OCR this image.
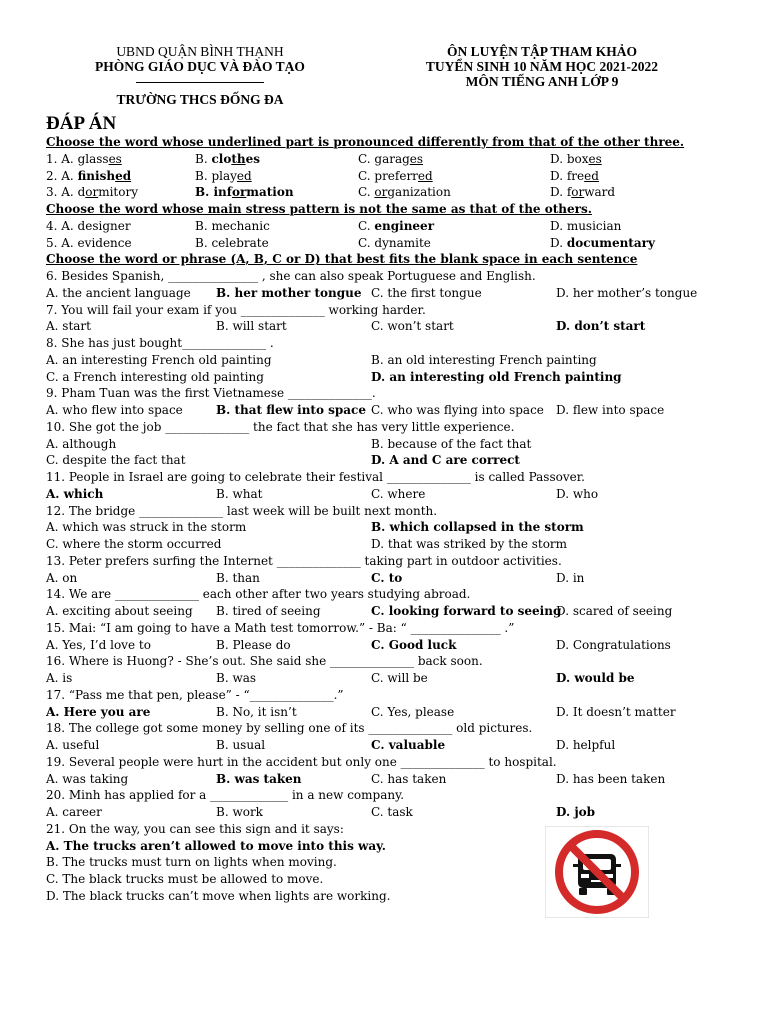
UBND QUẬN BÌNH THẠNH
PHÒNG GIÁO DỤC VÀ ĐÀO TẠO
TRƯỜNG THCS ĐỐNG ĐA
ÔN LUYỆN TẬP THAM KHẢO
TUYỂN SINH 10 NĂM HỌC 2021-2022
MÔN TIẾNG ANH LỚP 9
ĐÁP ÁN
Choose the word whose underlined part is pronounced differently from that of the other three.
1. A. glasses	B. clothes	C. garages	D. boxes
2. A. finished	B. played	C. preferred	D. freed
3. A. dormitory	B. information	C. organization	D. forward
Choose the word whose main stress pattern is not the same as that of the others.
4. A. designer	B. mechanic	C. engineer	D. musician
5. A. evidence	B. celebrate	C. dynamite	D. documentary
Choose the word or phrase (A, B, C or D) that best fits the blank space in each sentence
6. Besides Spanish, _______________ , she can also speak Portuguese and English.
A. the ancient language B. her mother tongue C. the first tongue	D. her mother’s tongue
7. You will fail your exam if you ______________ working harder.
A. start	B. will start	C. won’t start	D. don’t start
8. She has just bought______________ .
A. an interesting French old painting	B. an old interesting French painting
C. a French interesting old painting	D. an interesting old French painting
9. Pham Tuan was the first Vietnamese ______________.
A. who flew into space	B. that flew into space C. who was flying into space D. flew into space
10. She got the job ______________ the fact that she has very little experience.
A. although	B. because of the fact that
C. despite the fact that	D. A and C are correct
11. People in Israel are going to celebrate their festival ______________ is called Passover.
A. which	B. what	C. where	D. who
12. The bridge ______________ last week will be built next month.
A. which was struck in the storm	B. which collapsed in the storm
C. where the storm occurred	D. that was striked by the storm
13. Peter prefers surfing the Internet ______________ taking part in outdoor activities.
A. on	B. than	C. to	D. in
14. We are ______________ each other after two years studying abroad.
A. exciting about seeing B. tired of seeing	C. looking forward to seeing
D. scared of seeing
15. Mai: “I am going to have a Math test tomorrow.” - Ba: “ _______________ .”
A. Yes, I’d love to	B. Please do	C. Good luck	D. Congratulations
16. Where is Huong? - She’s out. She said she ______________ back soon.
A. is	B. was	C. will be	D. would be
17. “Pass me that pen, please” - “______________.”
A. Here you are	B. No, it isn’t	C. Yes, please	D. It doesn’t matter
18. The college got some money by selling one of its ______________ old pictures.
A. useful	B. usual	C. valuable	D. helpful
19. Several people were hurt in the accident but only one ______________ to hospital.
A. was taking	B. was taken	C. has taken	D. has been taken
20. Minh has applied for a _____________ in a new company.
A. career	B. work	C. task	D. job
21. On the way, you can see this sign and it says:
A. The trucks aren’t allowed to move into this way.
B. The trucks must turn on lights when moving.
C. The black trucks must be allowed to move.
D. The black trucks can’t move when lights are working.
